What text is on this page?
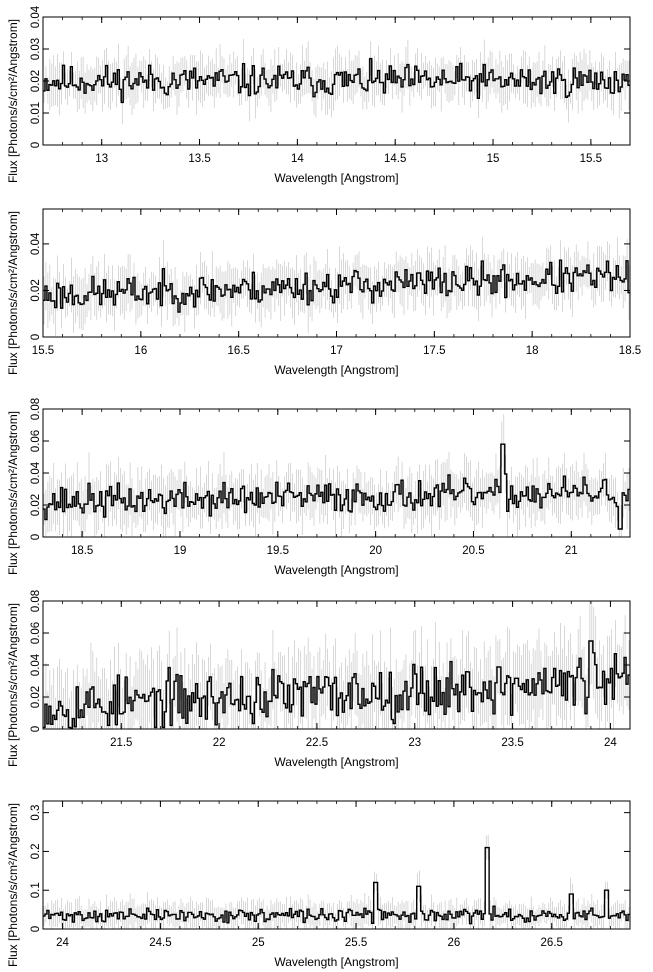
13	13.5	14	14.5	15	15.5
0
0.01
0.02
0.03
0.04
Wavelength [Angstrom]
Flux [Photons/s/cm²/Angstrom]
15.5	16	16.5	17	17.5	18	18.5
0
0.02
0.04
Wavelength [Angstrom]
Flux [Photons/s/cm²/Angstrom]
18.5	19	19.5	20	20.5	21
0
0.02
0.04
0.06
0.08
Wavelength [Angstrom]
Flux [Photons/s/cm²/Angstrom]
21.5	22	22.5	23	23.5	24
0
0.02
0.04
0.06
0.08
Wavelength [Angstrom]
Flux [Photons/s/cm²/Angstrom]
24	24.5	25	25.5	26	26.5
0
0.1
0.2
0.3
Wavelength [Angstrom]
Flux [Photons/s/cm²/Angstrom]
